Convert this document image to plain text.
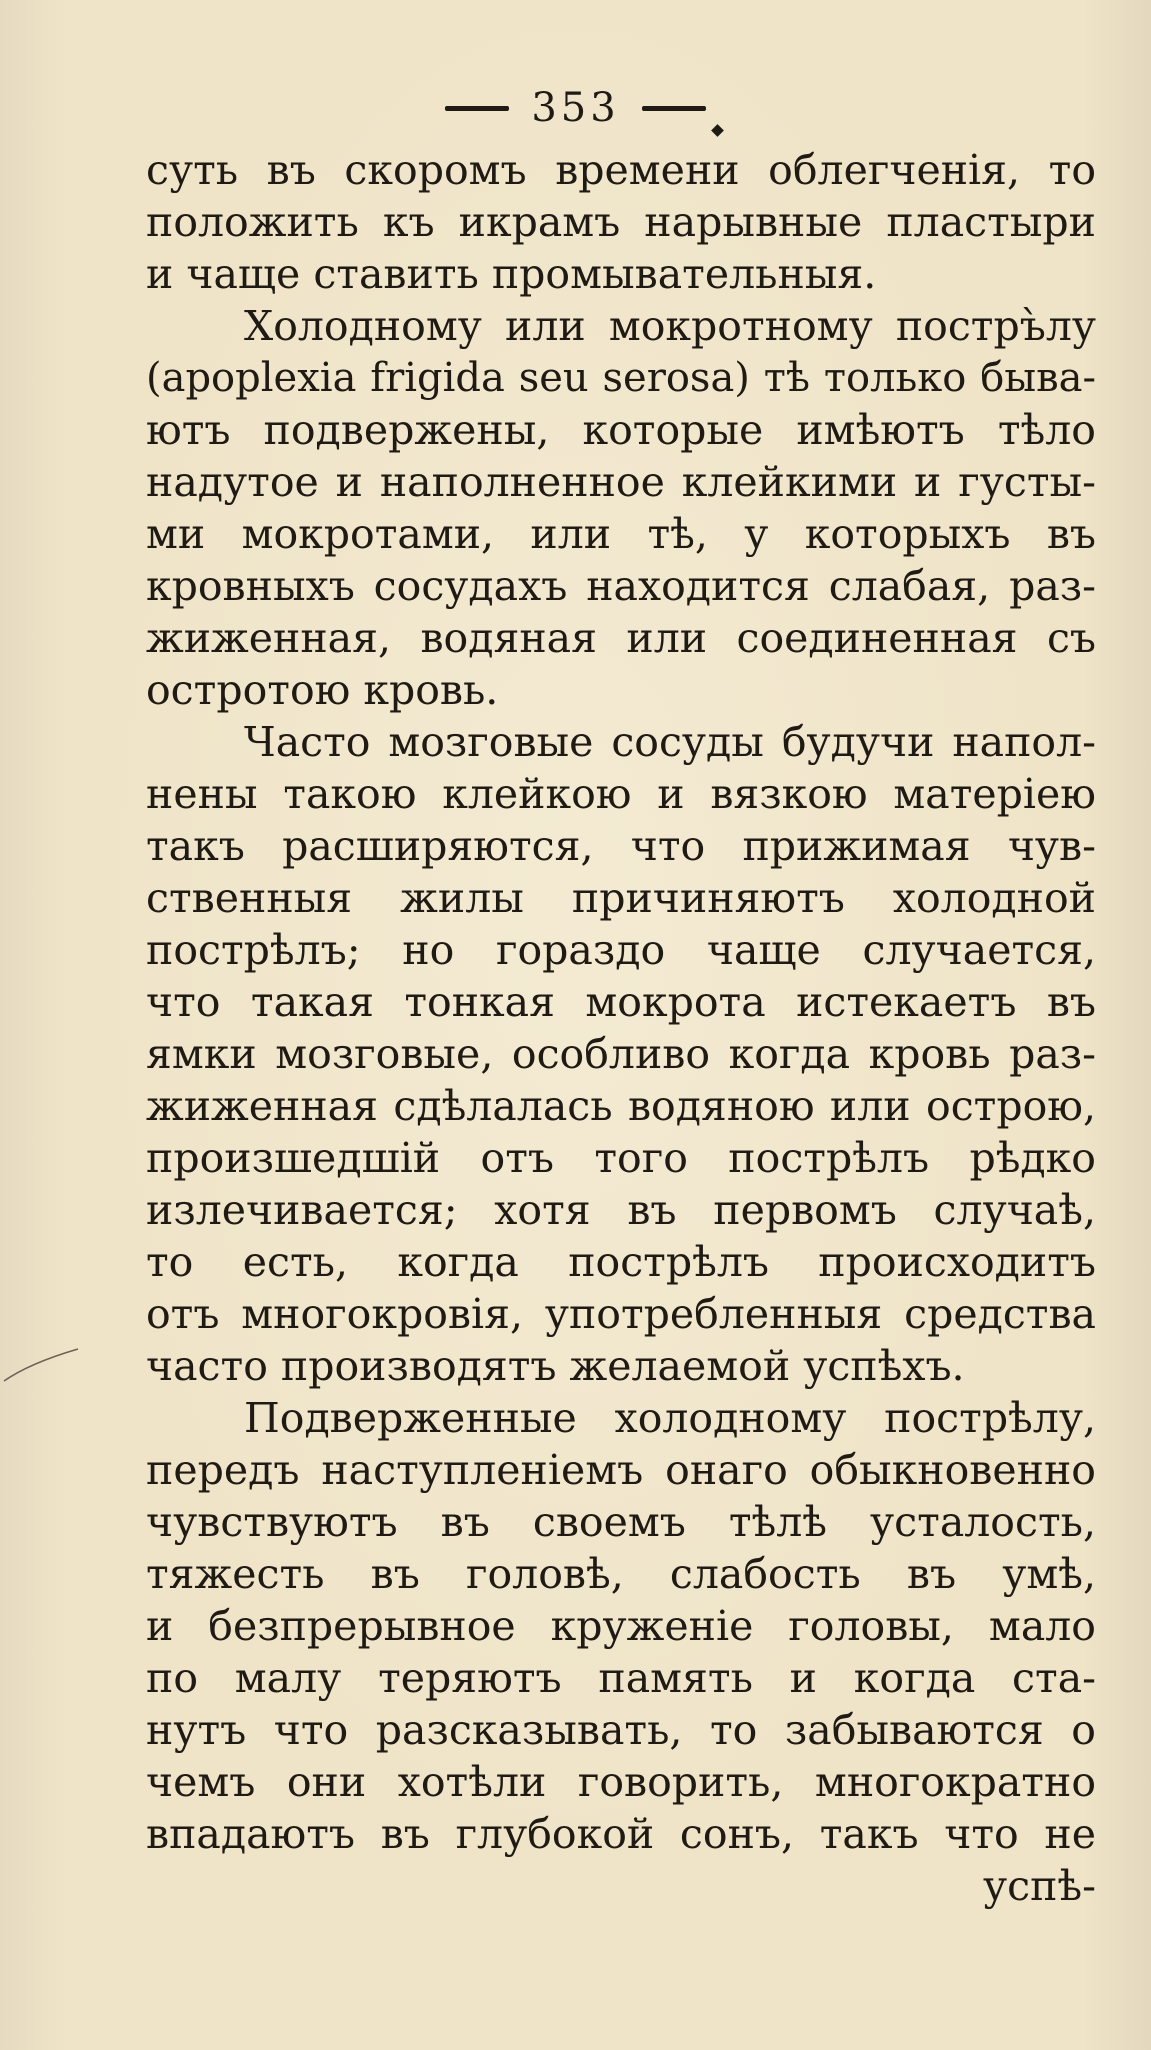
353
суть въ скоромъ времени облегченія, то
положить къ икрамъ нарывные пластыри
и чаще ставить промывательныя.
Холодному или мокротному постръ̀лу
(apoplexia frigida seu serosa) тѣ только быва-
ютъ подвержены, которые имѣютъ тѣло
надутое и наполненное клейкими и густы-
ми мокротами, или тѣ, у которыхъ въ
кровныхъ сосудахъ находится слабая, раз-
жиженная, водяная или соединенная съ
остротою кровь.
Часто мозговые сосуды будучи напол-
нены такою клейкою и вязкою матеріею
такъ расширяются, что прижимая чув-
ственныя жилы причиняютъ холодной
пострѣлъ; но гораздо чаще случается,
что такая тонкая мокрота истекаетъ въ
ямки мозговые, особливо когда кровь раз-
жиженная сдѣлалась водяною или острою,
произшедшій отъ того пострѣлъ рѣдко
излечивается; хотя въ первомъ случаѣ,
то есть, когда пострѣлъ происходитъ
отъ многокровія, употребленныя средства
часто производятъ желаемой успѣхъ.
Подверженные холодному пострѣлу,
передъ наступленіемъ онаго обыкновенно
чувствуютъ въ своемъ тѣлѣ усталость,
тяжесть въ головѣ, слабость въ умѣ,
и безпрерывное круженіе головы, мало
по малу теряютъ память и когда ста-
нутъ что разсказывать, то забываются о
чемъ они хотѣли говорить, многократно
впадаютъ въ глубокой сонъ, такъ что не
успѣ-
